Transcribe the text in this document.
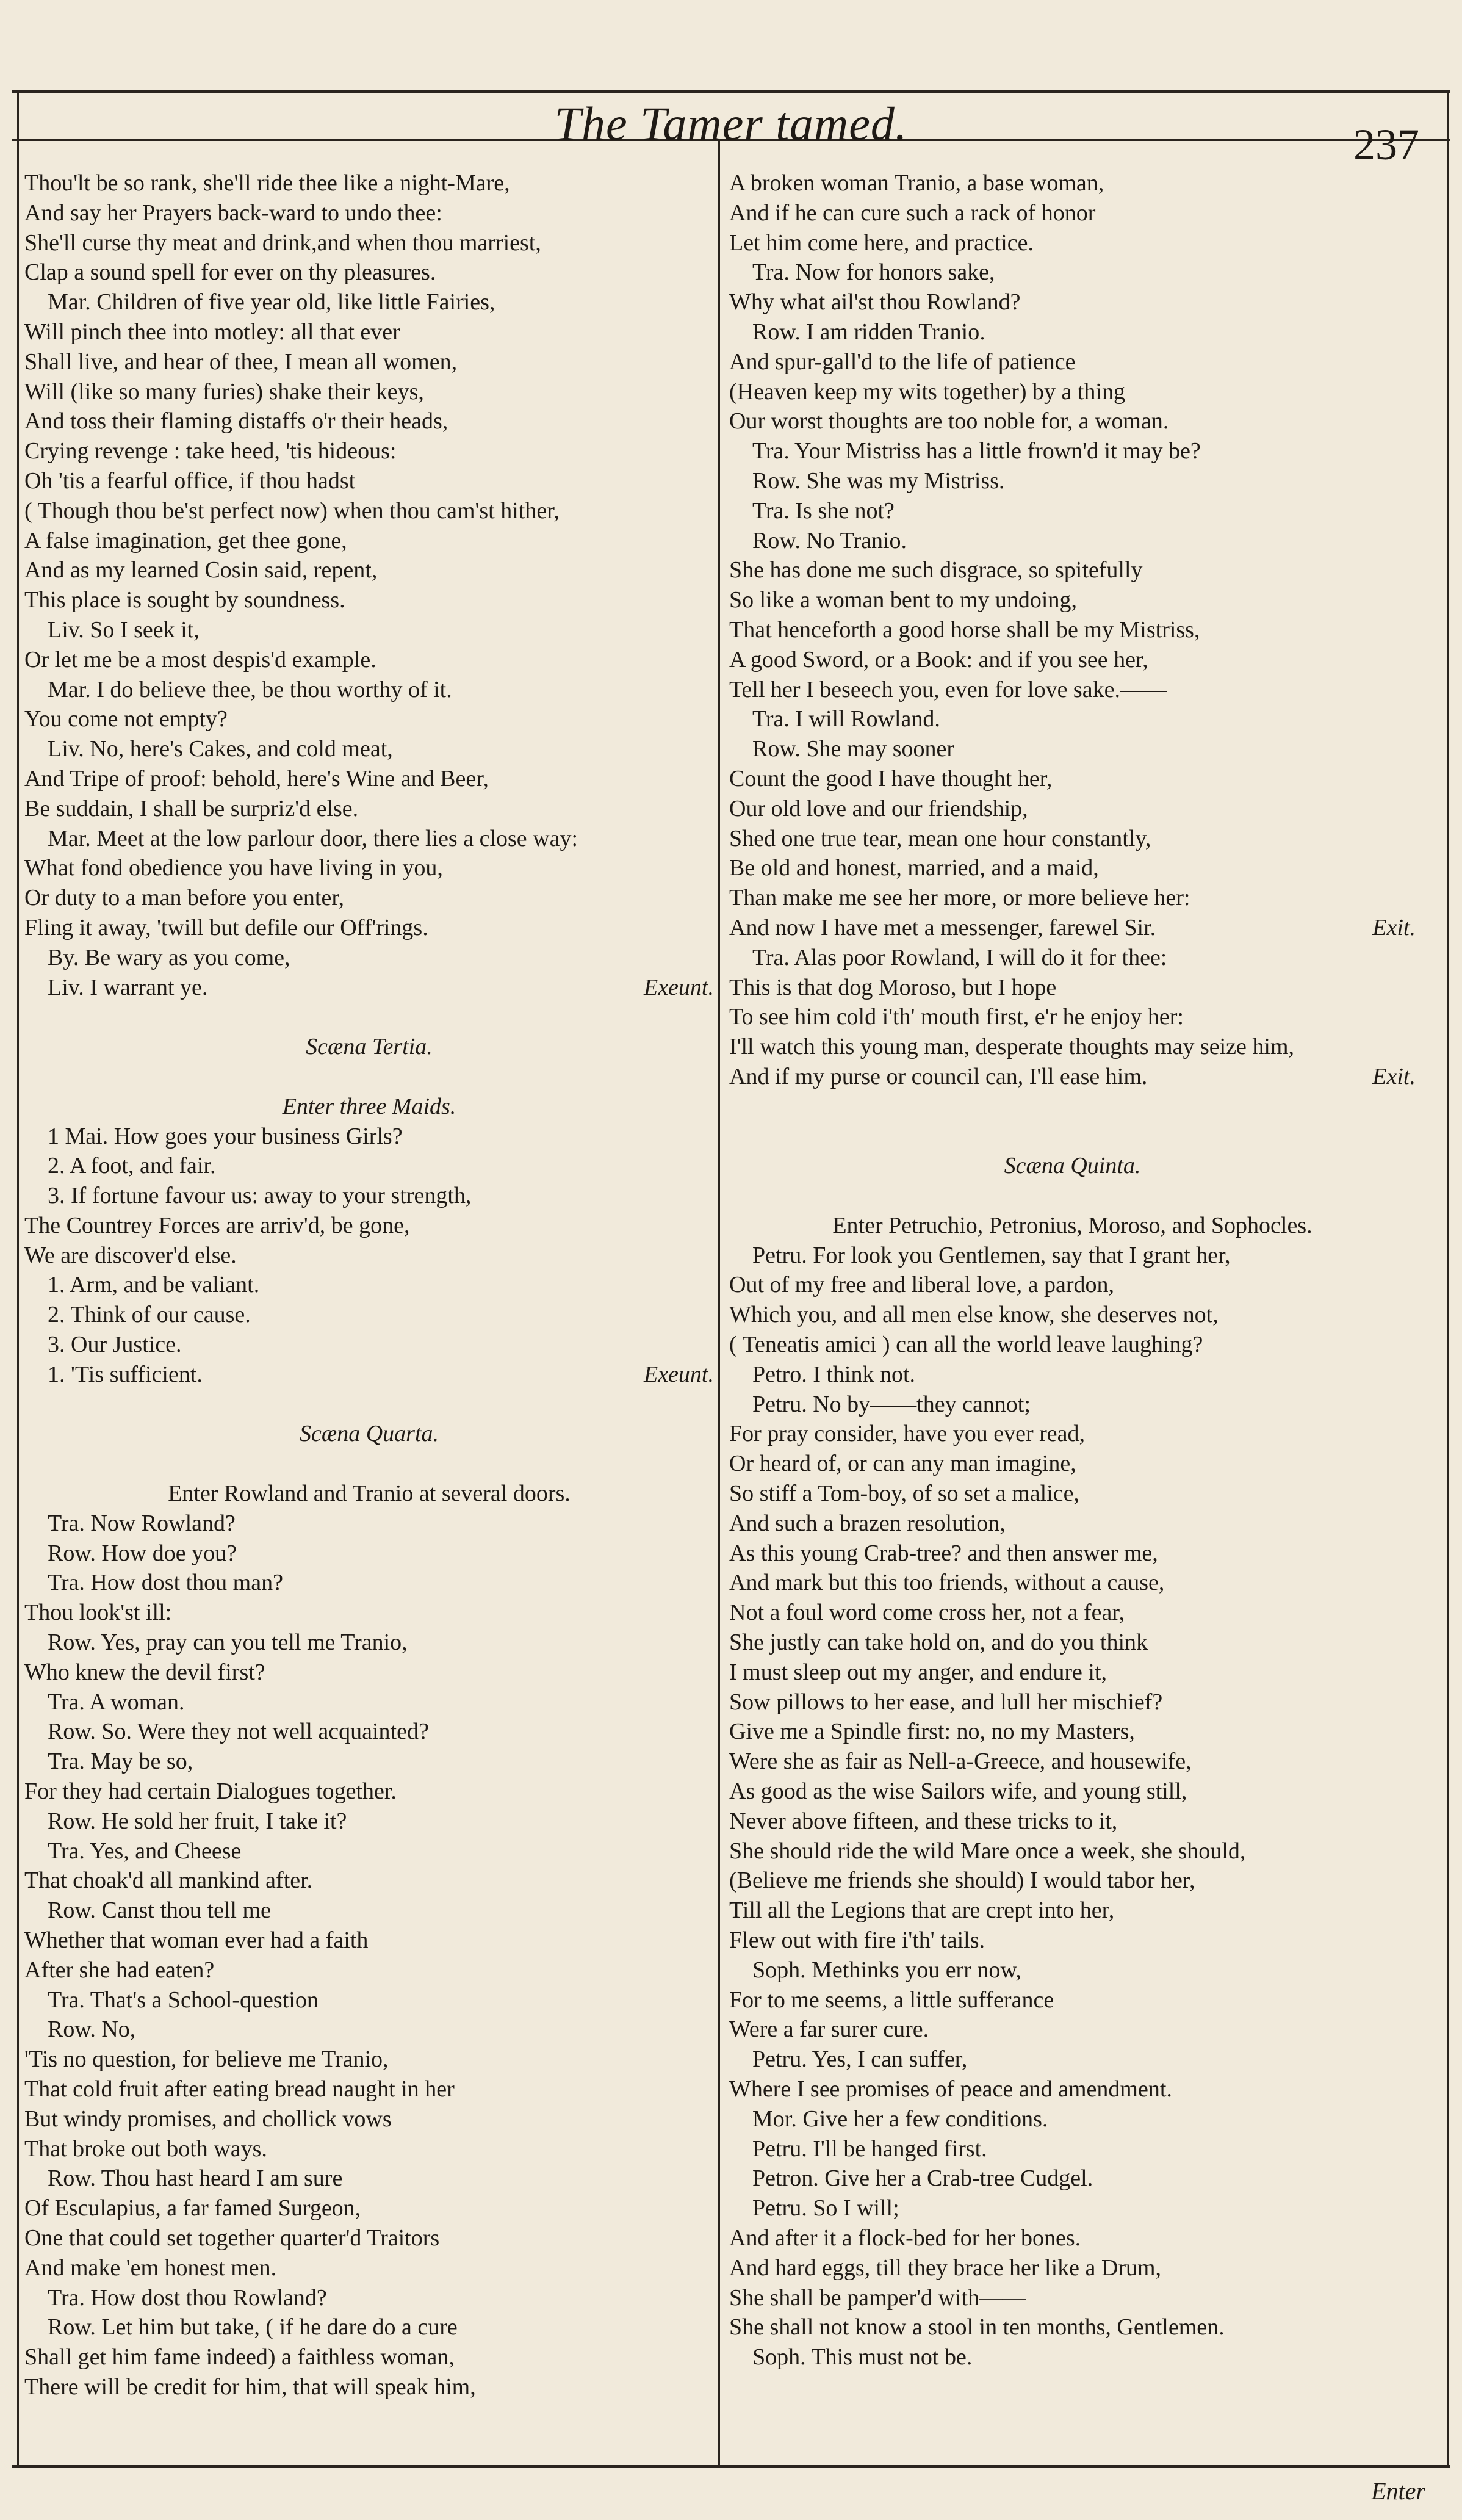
The Tamer tamed.	237
Thou'lt be so rank, she'll ride thee like a night-Mare,
And say her Prayers back-ward to undo thee:
She'll curse thy meat and drink,and when thou marriest,
Clap a sound spell for ever on thy pleasures.
Mar. Children of five year old, like little Fairies,
Will pinch thee into motley: all that ever
Shall live, and hear of thee, I mean all women,
Will (like so many furies) shake their keys,
And toss their flaming distaffs o'r their heads,
Crying revenge : take heed, 'tis hideous:
Oh 'tis a fearful office, if thou hadst
( Though thou be'st perfect now) when thou cam'st hither,
A false imagination, get thee gone,
And as my learned Cosin said, repent,
This place is sought by soundness.
Liv. So I seek it,
Or let me be a most despis'd example.
Mar. I do believe thee, be thou worthy of it.
You come not empty?
Liv. No, here's Cakes, and cold meat,
And Tripe of proof: behold, here's Wine and Beer,
Be suddain, I shall be surpriz'd else.
Mar. Meet at the low parlour door, there lies a close way:
What fond obedience you have living in you,
Or duty to a man before you enter,
Fling it away, 'twill but defile our Off'rings.
By. Be wary as you come,
Liv. I warrant ye.	Exeunt.
Scæna Tertia.
Enter three Maids.
1 Mai. How goes your business Girls?
2. A foot, and fair.
3. If fortune favour us: away to your strength,
The Countrey Forces are arriv'd, be gone,
We are discover'd else.
1. Arm, and be valiant.
2. Think of our cause.
3. Our Justice.
1. 'Tis sufficient.	Exeunt.
Scæna Quarta.
Enter Rowland and Tranio at several doors.
Tra. Now Rowland?
Row. How doe you?
Tra. How dost thou man?
Thou look'st ill:
Row. Yes, pray can you tell me Tranio,
Who knew the devil first?
Tra. A woman.
Row. So. Were they not well acquainted?
Tra. May be so,
For they had certain Dialogues together.
Row. He sold her fruit, I take it?
Tra. Yes, and Cheese
That choak'd all mankind after.
Row. Canst thou tell me
Whether that woman ever had a faith
After she had eaten?
Tra. That's a School-question
Row. No,
'Tis no question, for believe me Tranio,
That cold fruit after eating bread naught in her
But windy promises, and chollick vows
That broke out both ways.
Row. Thou hast heard I am sure
Of Esculapius, a far famed Surgeon,
One that could set together quarter'd Traitors
And make 'em honest men.
Tra. How dost thou Rowland?
Row. Let him but take, ( if he dare do a cure
Shall get him fame indeed) a faithless woman,
There will be credit for him, that will speak him,
A broken woman Tranio, a base woman,
And if he can cure such a rack of honor
Let him come here, and practice.
Tra. Now for honors sake,
Why what ail'st thou Rowland?
Row. I am ridden Tranio.
And spur-gall'd to the life of patience
(Heaven keep my wits together) by a thing
Our worst thoughts are too noble for, a woman.
Tra. Your Mistriss has a little frown'd it may be?
Row. She was my Mistriss.
Tra. Is she not?
Row. No Tranio.
She has done me such disgrace, so spitefully
So like a woman bent to my undoing,
That henceforth a good horse shall be my Mistriss,
A good Sword, or a Book: and if you see her,
Tell her I beseech you, even for love sake.——
Tra. I will Rowland.
Row. She may sooner
Count the good I have thought her,
Our old love and our friendship,
Shed one true tear, mean one hour constantly,
Be old and honest, married, and a maid,
Than make me see her more, or more believe her:
And now I have met a messenger, farewel Sir.	Exit.
Tra. Alas poor Rowland, I will do it for thee:
This is that dog Moroso, but I hope
To see him cold i'th' mouth first, e'r he enjoy her:
I'll watch this young man, desperate thoughts may seize him,
And if my purse or council can, I'll ease him.	Exit.
Scæna Quinta.
Enter Petruchio, Petronius, Moroso, and Sophocles.
Petru. For look you Gentlemen, say that I grant her,
Out of my free and liberal love, a pardon,
Which you, and all men else know, she deserves not,
( Teneatis amici ) can all the world leave laughing?
Petro. I think not.
Petru. No by——they cannot;
For pray consider, have you ever read,
Or heard of, or can any man imagine,
So stiff a Tom-boy, of so set a malice,
And such a brazen resolution,
As this young Crab-tree? and then answer me,
And mark but this too friends, without a cause,
Not a foul word come cross her, not a fear,
She justly can take hold on, and do you think
I must sleep out my anger, and endure it,
Sow pillows to her ease, and lull her mischief?
Give me a Spindle first: no, no my Masters,
Were she as fair as Nell-a-Greece, and housewife,
As good as the wise Sailors wife, and young still,
Never above fifteen, and these tricks to it,
She should ride the wild Mare once a week, she should,
(Believe me friends she should) I would tabor her,
Till all the Legions that are crept into her,
Flew out with fire i'th' tails.
Soph. Methinks you err now,
For to me seems, a little sufferance
Were a far surer cure.
Petru. Yes, I can suffer,
Where I see promises of peace and amendment.
Mor. Give her a few conditions.
Petru. I'll be hanged first.
Petron. Give her a Crab-tree Cudgel.
Petru. So I will;
And after it a flock-bed for her bones.
And hard eggs, till they brace her like a Drum,
She shall be pamper'd with——
She shall not know a stool in ten months, Gentlemen.
Soph. This must not be.
Enter
